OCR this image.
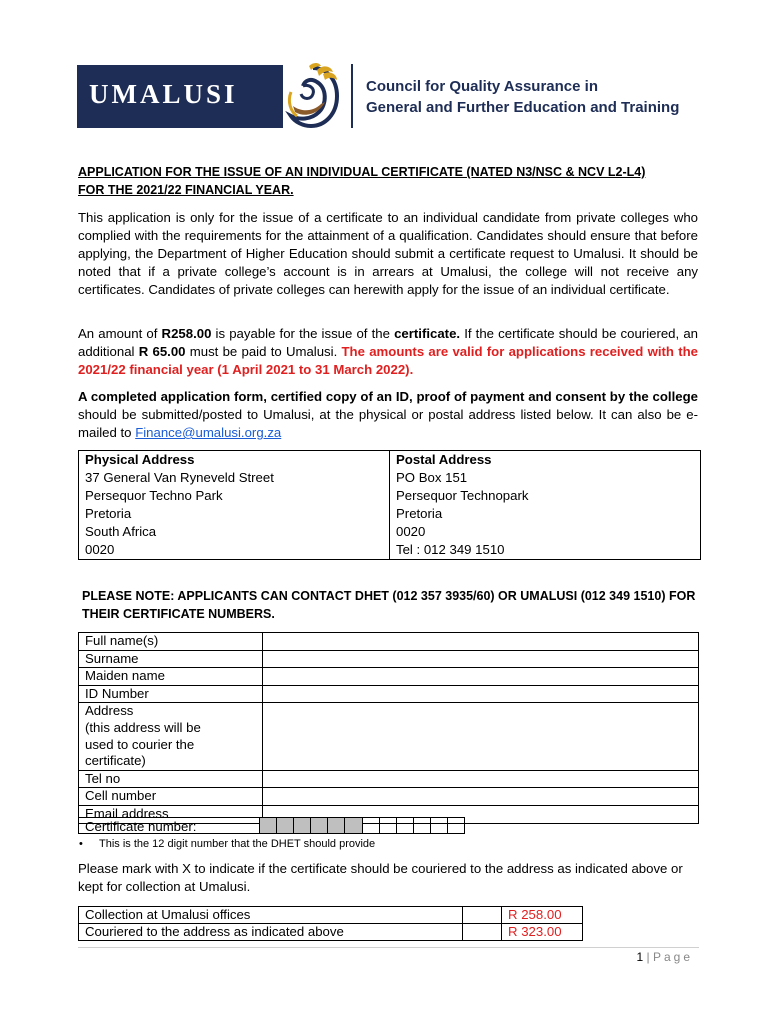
UMALUSI	Council for Quality Assurance in
General and Further Education and Training
APPLICATION FOR THE ISSUE OF AN INDIVIDUAL CERTIFICATE (NATED N3/NSC & NCV L2-L4)
FOR THE 2021/22 FINANCIAL YEAR.
This application is only for the issue of a certificate to an individual candidate from private colleges who complied with the requirements for the attainment of a qualification. Candidates should ensure that before applying, the Department of Higher Education should submit a certificate request to Umalusi. It should be noted that if a private college’s account is in arrears at Umalusi, the college will not receive any certificates. Candidates of private colleges can herewith apply for the issue of an individual certificate.
An amount of R258.00 is payable for the issue of the certificate. If the certificate should be couriered, an additional R 65.00 must be paid to Umalusi. The amounts are valid for applications received with the 2021/22 financial year (1 April 2021 to 31 March 2022).
A completed application form, certified copy of an ID, proof of payment and consent by the college should be submitted/posted to Umalusi, at the physical or postal address listed below. It can also be e-mailed to Finance@umalusi.org.za
Physical Address
37 General Van Ryneveld Street
Persequor Techno Park
Pretoria
South Africa
0020
Postal Address
PO Box 151
Persequor Technopark
Pretoria
0020
Tel : 012 349 1510
PLEASE NOTE: APPLICANTS CAN CONTACT DHET (012 357 3935/60) OR UMALUSI (012 349 1510) FOR THEIR CERTIFICATE NUMBERS.
Full name(s)	
Surname	
Maiden name	
ID Number	

Address
(this address will be
used to courier the
certificate)	

Tel no	
Cell number	
Email address	
Certificate number:
• This is the 12 digit number that the DHET should provide
Please mark with X to indicate if the certificate should be couriered to the address as indicated above or kept for collection at Umalusi.
Collection at Umalusi offices		R 258.00
Couriered to the address as indicated above		R 323.00
1 | Page
